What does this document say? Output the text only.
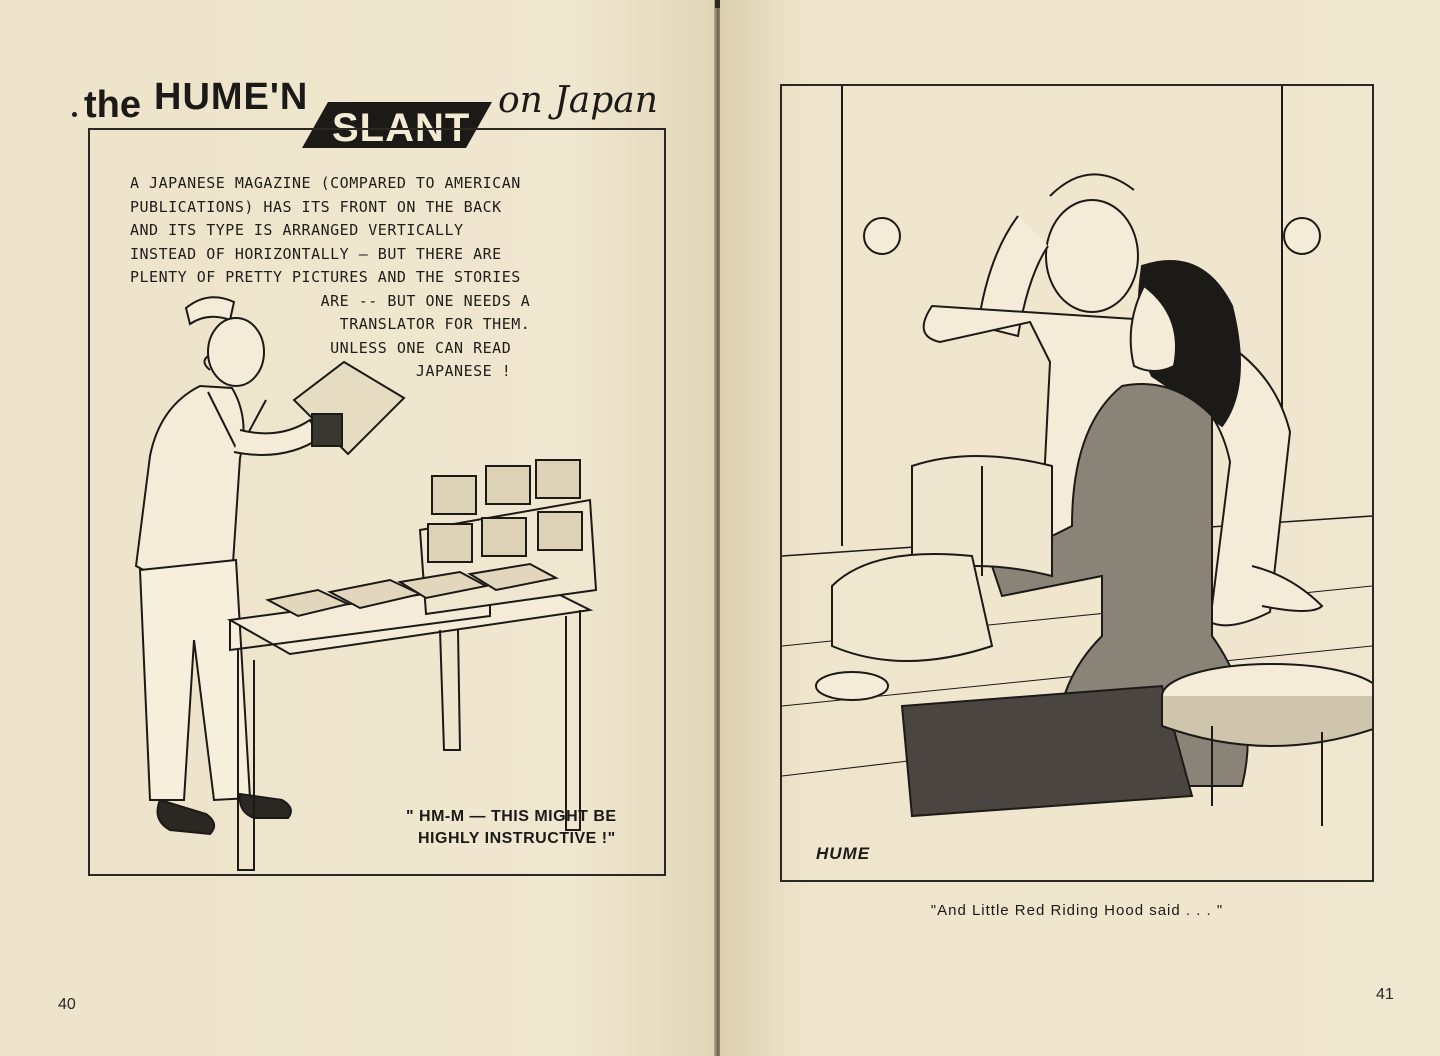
the HUME'N
SLANT
on Japan
A JAPANESE MAGAZINE (COMPARED TO AMERICAN
PUBLICATIONS) HAS ITS FRONT ON THE BACK
AND ITS TYPE IS ARRANGED VERTICALLY
INSTEAD OF HORIZONTALLY — BUT THERE ARE
PLENTY OF PRETTY PICTURES AND THE STORIES
ARE -- BUT ONE NEEDS A
TRANSLATOR FOR THEM.
UNLESS ONE CAN READ
JAPANESE !
" HM-M — THIS MIGHT BE
HIGHLY INSTRUCTIVE !"
40
HUME
"And Little Red Riding Hood said . . . "
41
